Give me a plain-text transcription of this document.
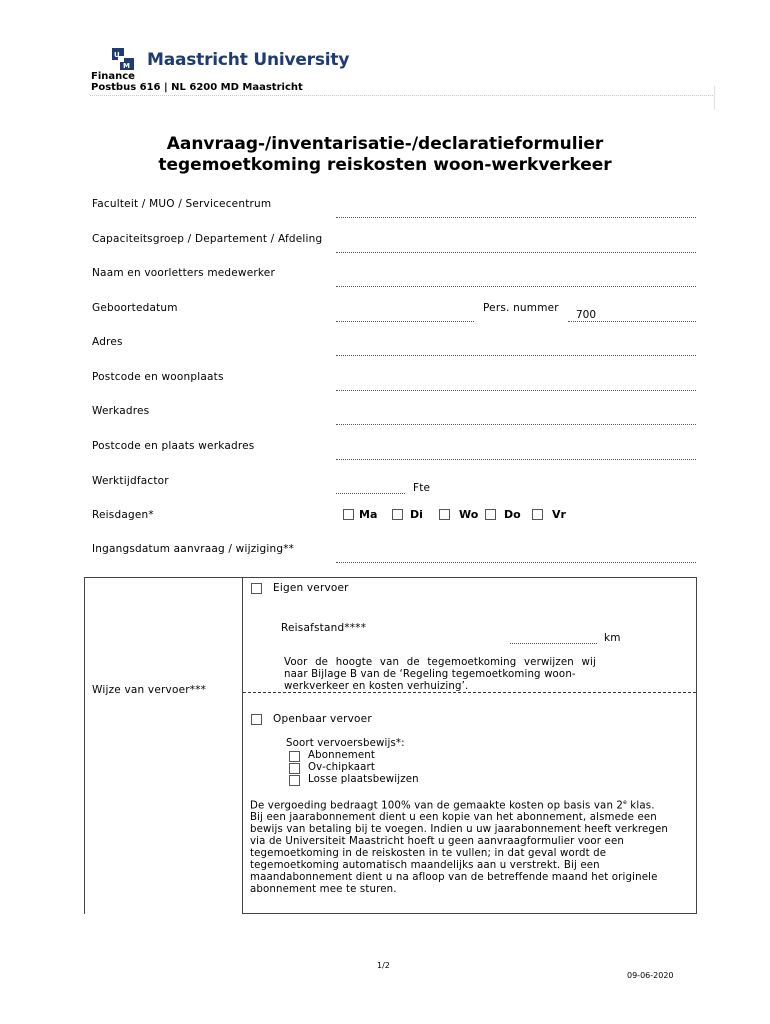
U
M Maastricht University
Finance
Postbus 616 | NL 6200 MD Maastricht
Aanvraag-/inventarisatie-/declaratieformulier
tegemoetkoming reiskosten woon-werkverkeer
Faculteit / MUO / Servicecentrum
Capaciteitsgroep / Departement / Afdeling
Naam en voorletters medewerker
Geboortedatum	Pers. nummer
700
Adres
Postcode en woonplaats
Werkadres
Postcode en plaats werkadres
Werktijdfactor
Fte
Reisdagen*	Ma	Di	Wo Do	Vr
Ingangsdatum aanvraag / wijziging**
Wijze van vervoer***
Eigen vervoer
Reisafstand****
km
Voor de hoogte van de tegemoetkoming verwijzen wij
naar Bijlage B van de ‘Regeling tegemoetkoming woon-
werkverkeer en kosten verhuizing’.
Openbaar vervoer
Soort vervoersbewijs*:
Abonnement
Ov-chipkaart
Losse plaatsbewijzen
De vergoeding bedraagt 100% van de gemaakte kosten op basis van 2e klas.
Bij een jaarabonnement dient u een kopie van het abonnement, alsmede een
bewijs van betaling bij te voegen. Indien u uw jaarabonnement heeft verkregen
via de Universiteit Maastricht hoeft u geen aanvraagformulier voor een
tegemoetkoming in de reiskosten in te vullen; in dat geval wordt de
tegemoetkoming automatisch maandelijks aan u verstrekt. Bij een
maandabonnement dient u na afloop van de betreffende maand het originele
abonnement mee te sturen.
1/2
09-06-2020
